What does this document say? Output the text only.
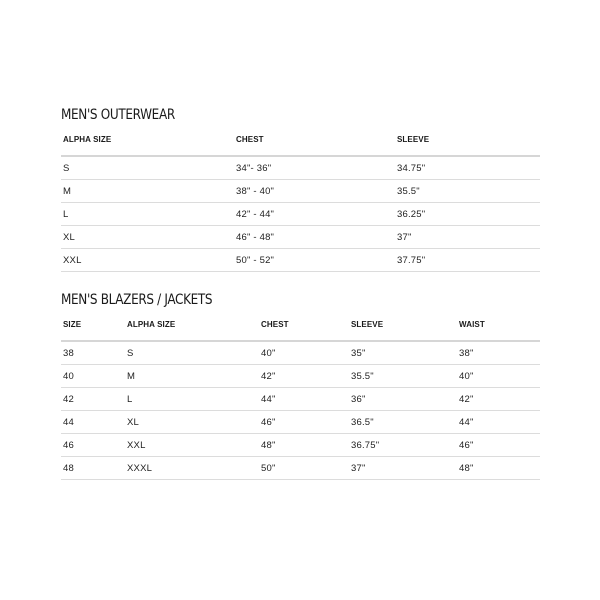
MEN'S OUTERWEAR
ALPHA SIZE	CHEST	SLEEVE
S	34"- 36"	34.75"
M	38" - 40"	35.5"
L	42" - 44"	36.25"
XL	46" - 48"	37"
XXL	50" - 52"	37.75"
MEN'S BLAZERS / JACKETS
SIZE	ALPHA SIZE	CHEST	SLEEVE	WAIST
38	S	40"	35"	38"
40	M	42"	35.5"	40"
42	L	44"	36"	42"
44	XL	46"	36.5"	44"
46	XXL	48"	36.75"	46"
48	XXXL	50"	37"	48"
